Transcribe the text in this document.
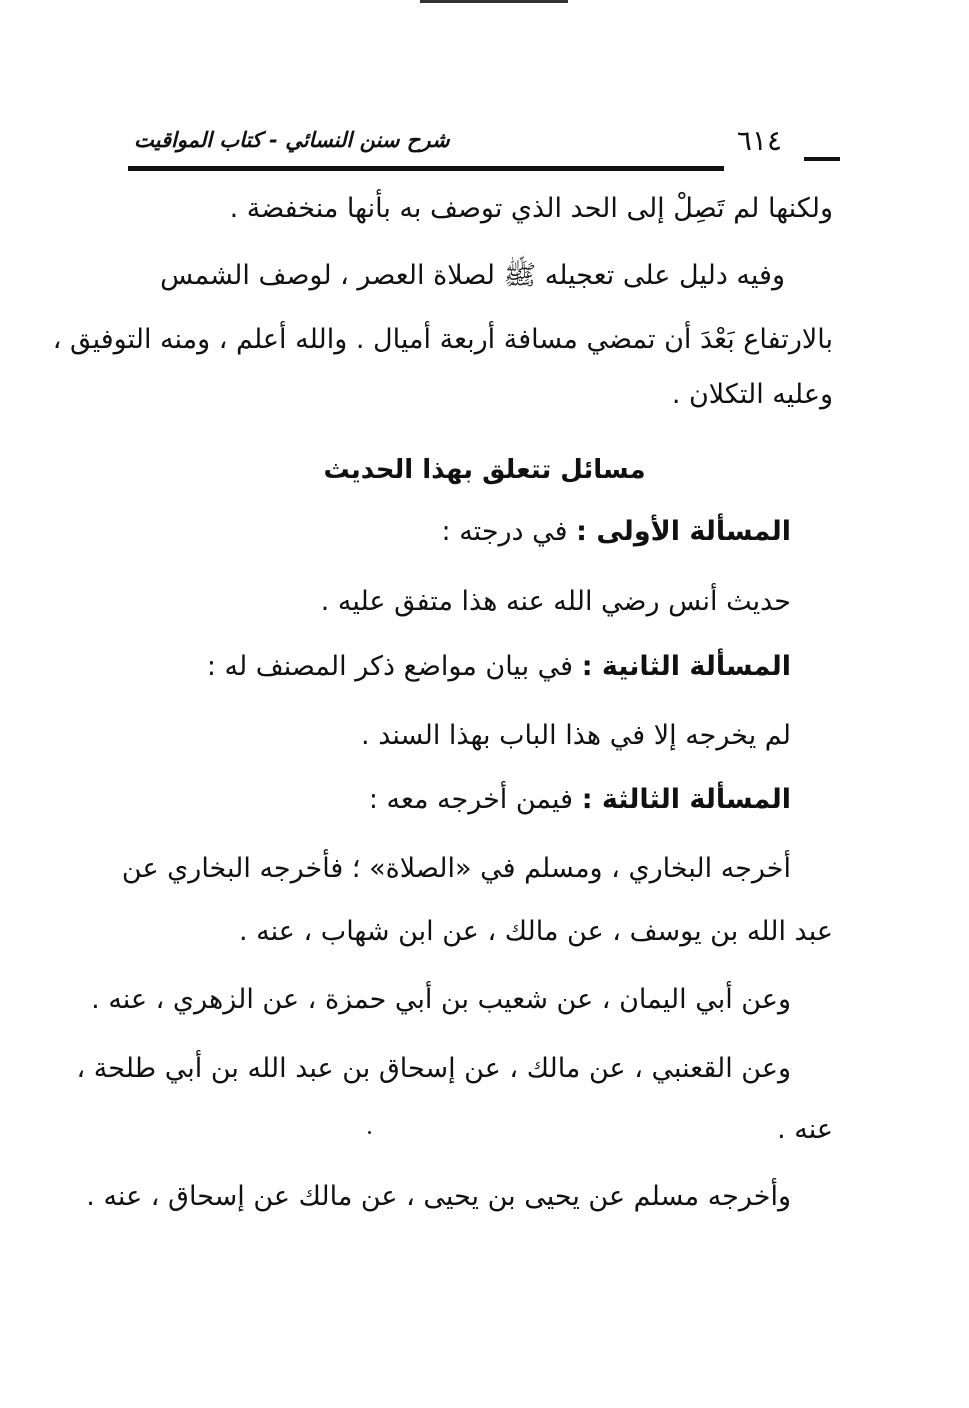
شرح سنن النسائي - كتاب المواقيت	٦١٤
ولكنها لم تَصِلْ إلى الحد الذي توصف به بأنها منخفضة .
وفيه دليل على تعجيله ﷺ لصلاة العصر ، لوصف الشمس
بالارتفاع بَعْدَ أن تمضي مسافة أربعة أميال . والله أعلم ، ومنه التوفيق ،
وعليه التكلان .
مسائل تتعلق بهذا الحديث
المسألة الأولى : في درجته :
حديث أنس رضي الله عنه هذا متفق عليه .
المسألة الثانية : في بيان مواضع ذكر المصنف له :
لم يخرجه إلا في هذا الباب بهذا السند .
المسألة الثالثة : فيمن أخرجه معه :
أخرجه البخاري ، ومسلم في «الصلاة» ؛ فأخرجه البخاري عن
عبد الله بن يوسف ، عن مالك ، عن ابن شهاب ، عنه .
وعن أبي اليمان ، عن شعيب بن أبي حمزة ، عن الزهري ، عنه .
وعن القعنبي ، عن مالك ، عن إسحاق بن عبد الله بن أبي طلحة ،
عنه .
وأخرجه مسلم عن يحيى بن يحيى ، عن مالك عن إسحاق ، عنه .
